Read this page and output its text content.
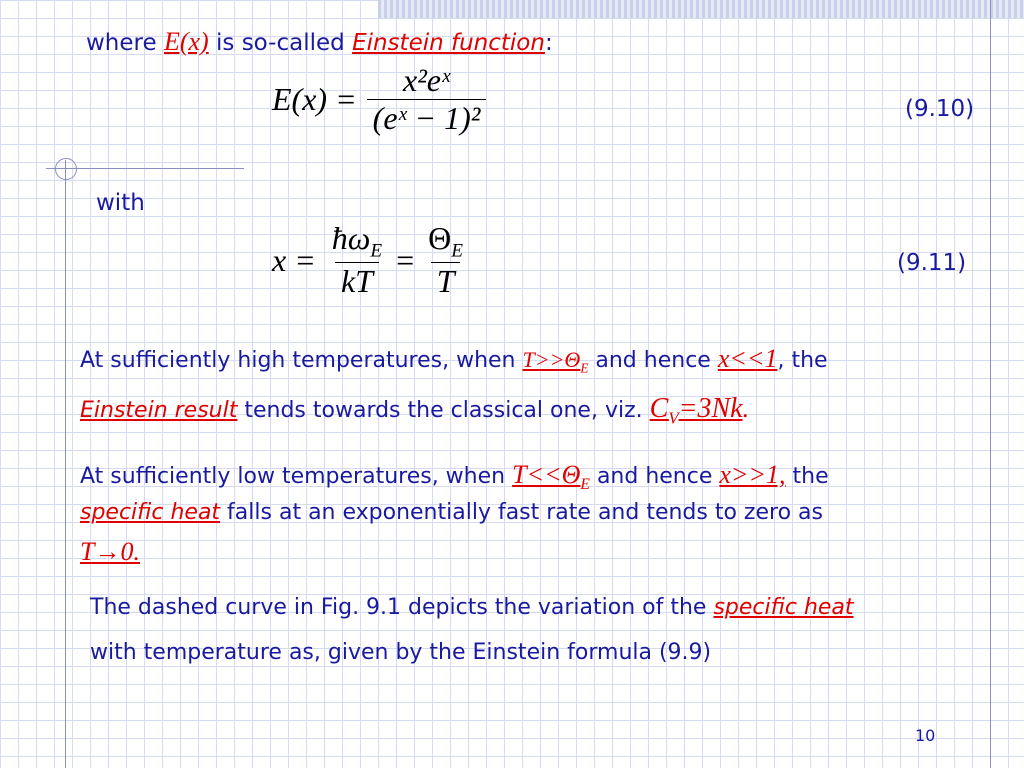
where E(x) is so-called Einstein function:
$E(x) = \frac{\text{x²eˣ}}{\text{(eˣ − 1)²}}$	(9.10)
with
$x = \frac{ħ\omega_E}{kT} = \frac{\Theta_E}{T}$	(9.11)
At sufficiently high temperatures, when $T>>\Theta_E$ and hence x<<1, the
Einstein result tends towards the classical one, viz. $C_V=3Nk$.
At sufficiently low temperatures, when $T<<\Theta_E$ and hence x>>1, the
specific heat falls at an exponentially fast rate and tends to zero as
T→0.
The dashed curve in Fig. 9.1 depicts the variation of the specific heat
with temperature as, given by the Einstein formula (9.9)
10
